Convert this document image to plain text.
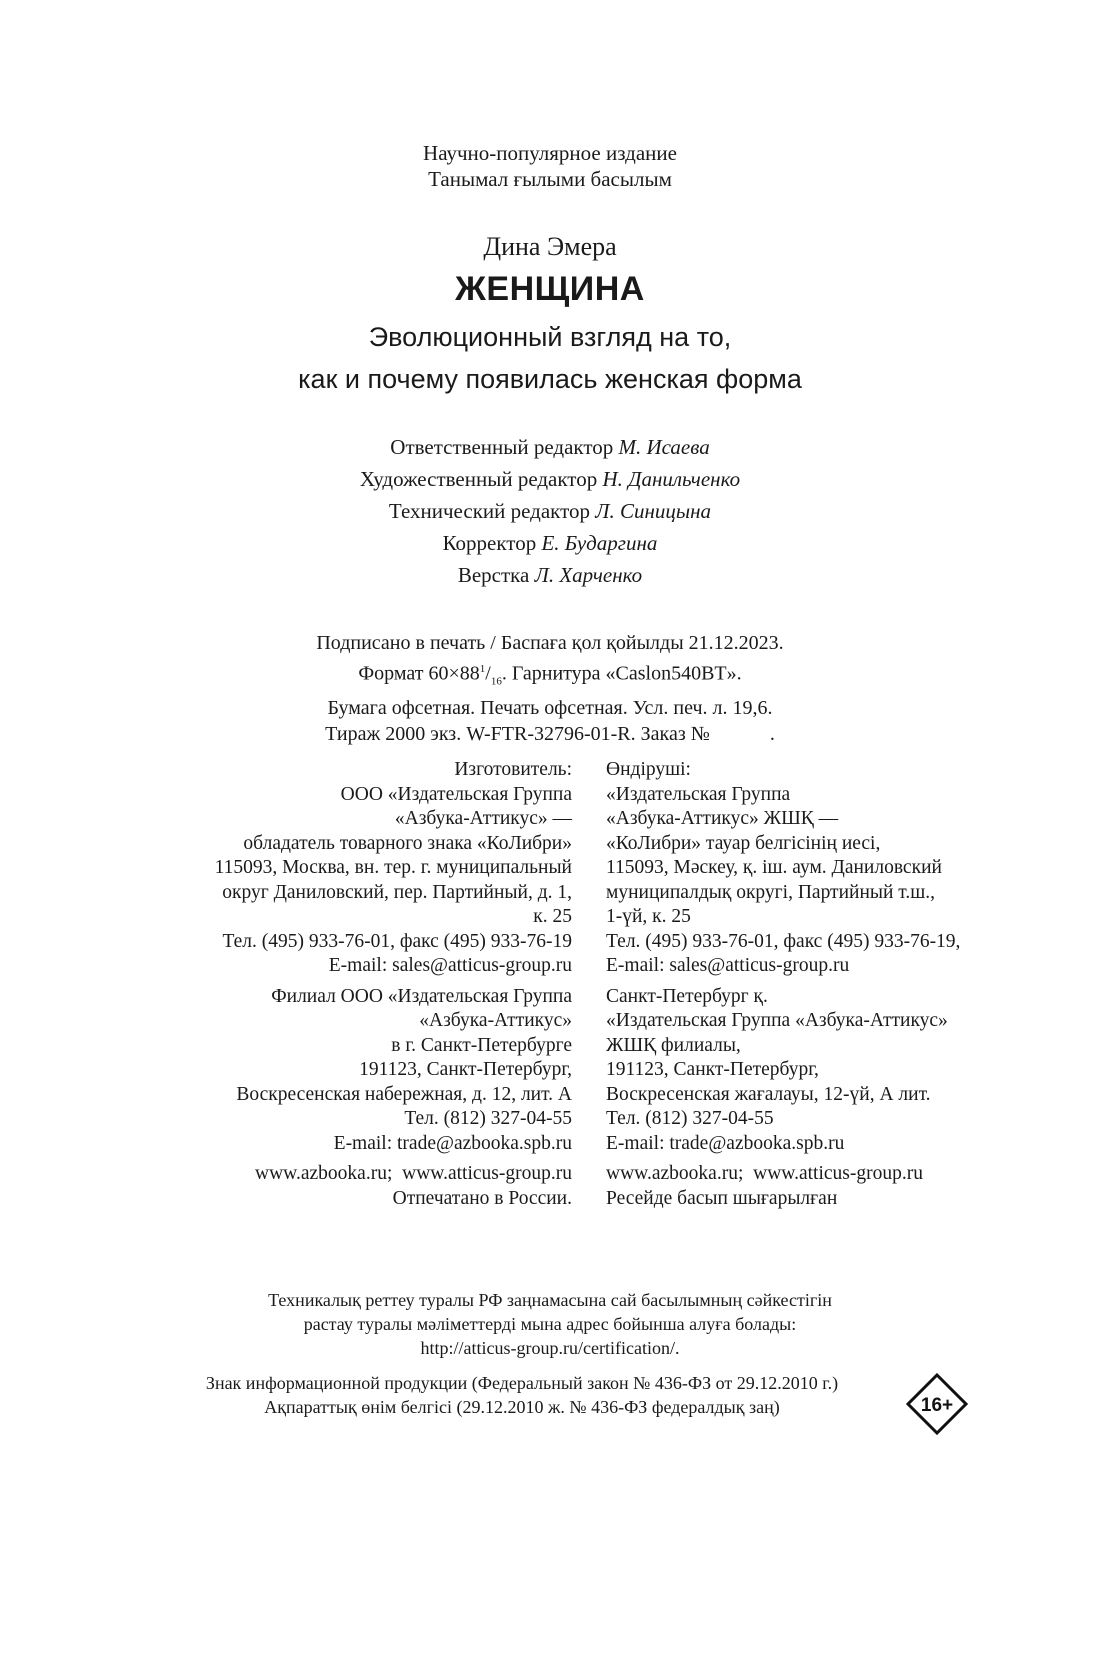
Научно-популярное издание
Танымал ғылыми басылым
Дина Эмера
ЖЕНЩИНА
Эволюционный взгляд на то,
как и почему появилась женская форма
Ответственный редактор М. Исаева
Художественный редактор Н. Данильченко
Технический редактор Л. Синицына
Корректор Е. Бударгина
Верстка Л. Харченко
Подписано в печать / Баспаға қол қойылды 21.12.2023.
Формат $60\times 88^1/_{16}$. Гарнитура «Caslon540BT».
Бумага офсетная. Печать офсетная. Усл. печ. л. 19,6.
Тираж 2000 экз. W-FTR-32796-01-R. Заказ №            .
Изготовитель:
ООО «Издательская Группа
«Азбука-Аттикус» —
обладатель товарного знака «КоЛибри»
115093, Москва, вн. тер. г. муниципальный
округ Даниловский, пер. Партийный, д. 1,
к. 25
Тел. (495) 933-76-01, факс (495) 933-76-19
E-mail: sales@atticus-group.ru
Филиал ООО «Издательская Группа
«Азбука-Аттикус»
в г. Санкт-Петербурге
191123, Санкт-Петербург,
Воскресенская набережная, д. 12, лит. А
Тел. (812) 327-04-55
E-mail: trade@azbooka.spb.ru
www.azbooka.ru;  www.atticus-group.ru
Отпечатано в России.
Өндіруші:
«Издательская Группа
«Азбука-Аттикус» ЖШҚ —
«КоЛибри» тауар белгісінің иесі,
115093, Мәскеу, қ. іш. аум. Даниловский
муниципалдық округі, Партийный т.ш.,
1-үй, к. 25
Тел. (495) 933-76-01, факс (495) 933-76-19,
E-mail: sales@atticus-group.ru
Санкт-Петербург қ.
«Издательская Группа «Азбука-Аттикус»
ЖШҚ филиалы,
191123, Санкт-Петербург,
Воскресенская жағалауы, 12-үй, А лит.
Тел. (812) 327-04-55
E-mail: trade@azbooka.spb.ru
www.azbooka.ru;  www.atticus-group.ru
Ресейде басып шығарылған
Техникалық реттеу туралы РФ заңнамасына сай басылымның сәйкестігін
растау туралы мәліметтерді мына адрес бойынша алуға болады:
http://atticus-group.ru/certification/.
Знак информационной продукции (Федеральный закон № 436-ФЗ от 29.12.2010 г.)
Ақпараттық өнім белгісі (29.12.2010 ж. № 436-ФЗ федералдық заң)	16+
